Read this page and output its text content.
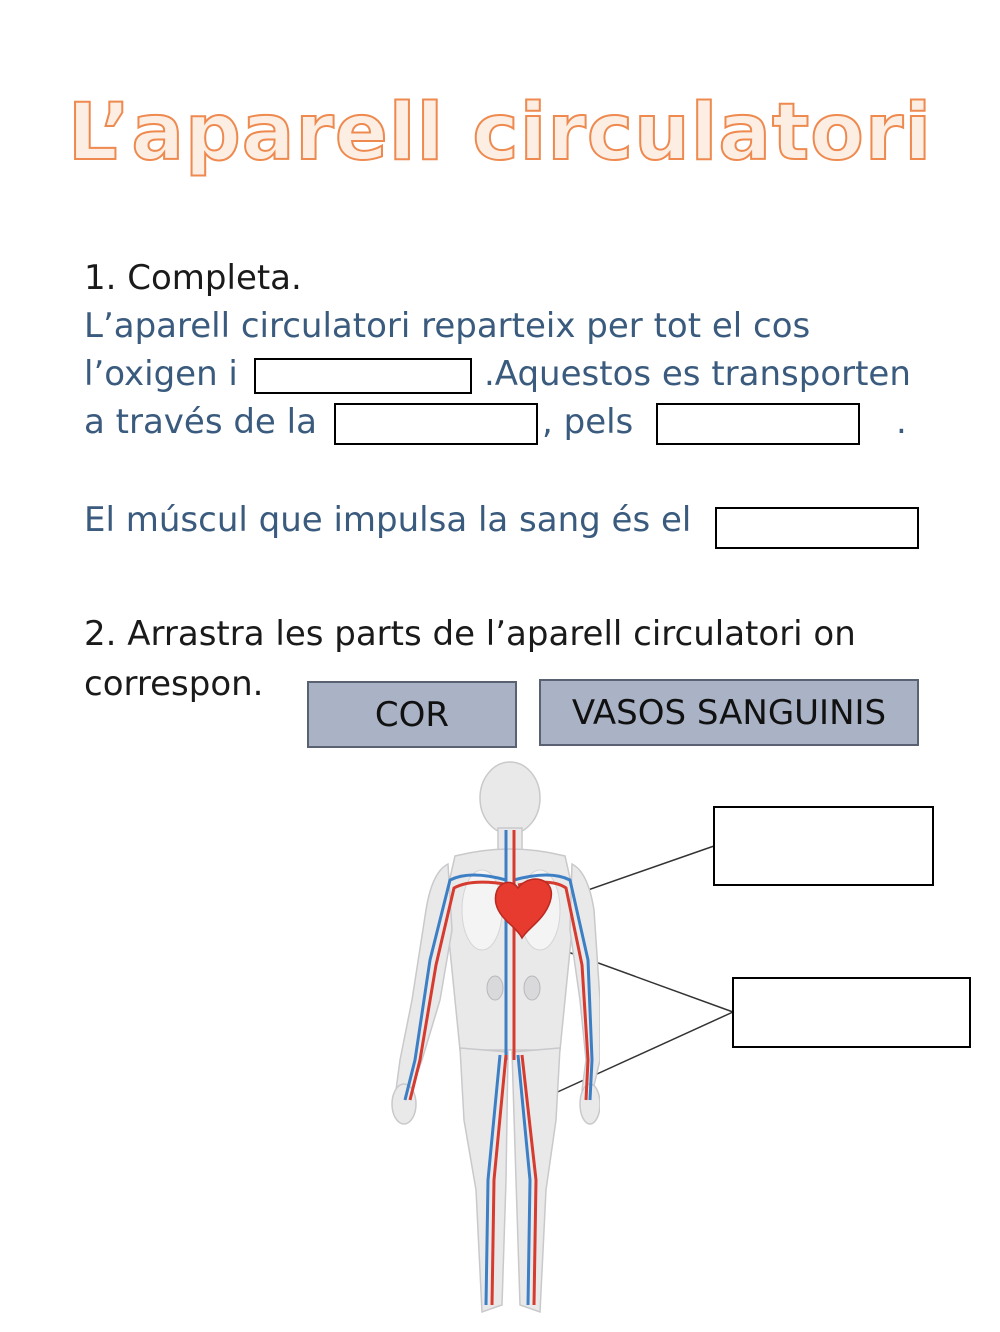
L’aparell circulatori
1. Completa.
L’aparell circulatori reparteix per tot el cos
l’oxigen i	.Aquestos es transporten
a través de la	, pels	.
El múscul que impulsa la sang és el
2. Arrastra les parts de l’aparell circulatori on
correspon.
COR	VASOS SANGUINIS
